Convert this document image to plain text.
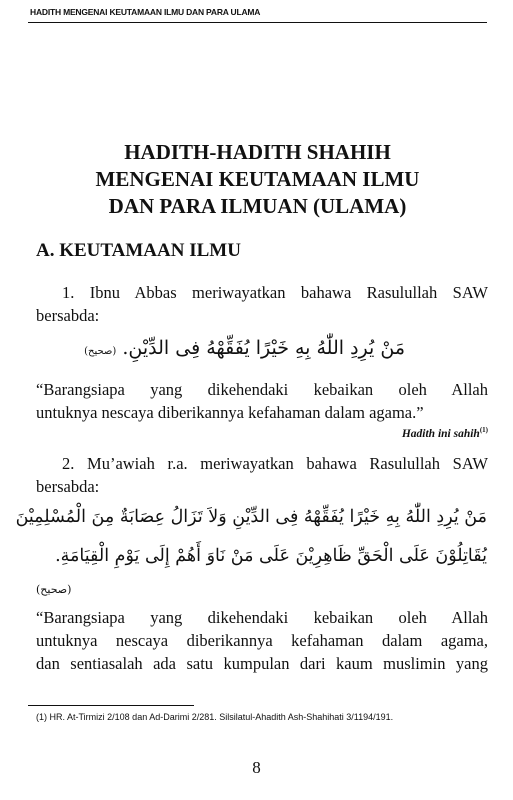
HADITH MENGENAI KEUTAMAAN ILMU DAN PARA ULAMA
HADITH-HADITH SHAHIH
MENGENAI KEUTAMAAN ILMU
DAN PARA ILMUAN (ULAMA)
A. KEUTAMAAN ILMU
1. Ibnu Abbas meriwayatkan bahawa Rasulullah SAW
bersabda:
مَنْ يُرِدِ اللّٰهُ بِهِ خَيْرًا يُفَقِّهْهُ فِى الدِّيْنِ. (صحيح)
“Barangsiapa yang dikehendaki kebaikan oleh Allah
untuknya nescaya diberikannya kefahaman dalam agama.”
Hadith ini sahih$^{(1)}$
2. Mu’awiah r.a. meriwayatkan bahawa Rasulullah SAW
bersabda:
مَنْ يُرِدِ اللّٰهُ بِهِ خَيْرًا يُفَقِّهْهُ فِى الدِّيْنِ وَلاَ تَزَالُ عِصَابَةٌ مِنَ الْمُسْلِمِيْنَ
يُقَاتِلُوْنَ عَلَى الْحَقِّ ظَاهِرِيْنَ عَلَى مَنْ نَاوَ أَهُمْ إِلَى يَوْمِ الْقِيَامَةِ.
(صحيح)
“Barangsiapa yang dikehendaki kebaikan oleh Allah
untuknya nescaya diberikannya kefahaman dalam agama,
dan sentiasalah ada satu kumpulan dari kaum muslimin yang
(1) HR. At-Tirmizi 2/108 dan Ad-Darimi 2/281. Silsilatul-Ahadith Ash-Shahihati 3/1194/191.
8
